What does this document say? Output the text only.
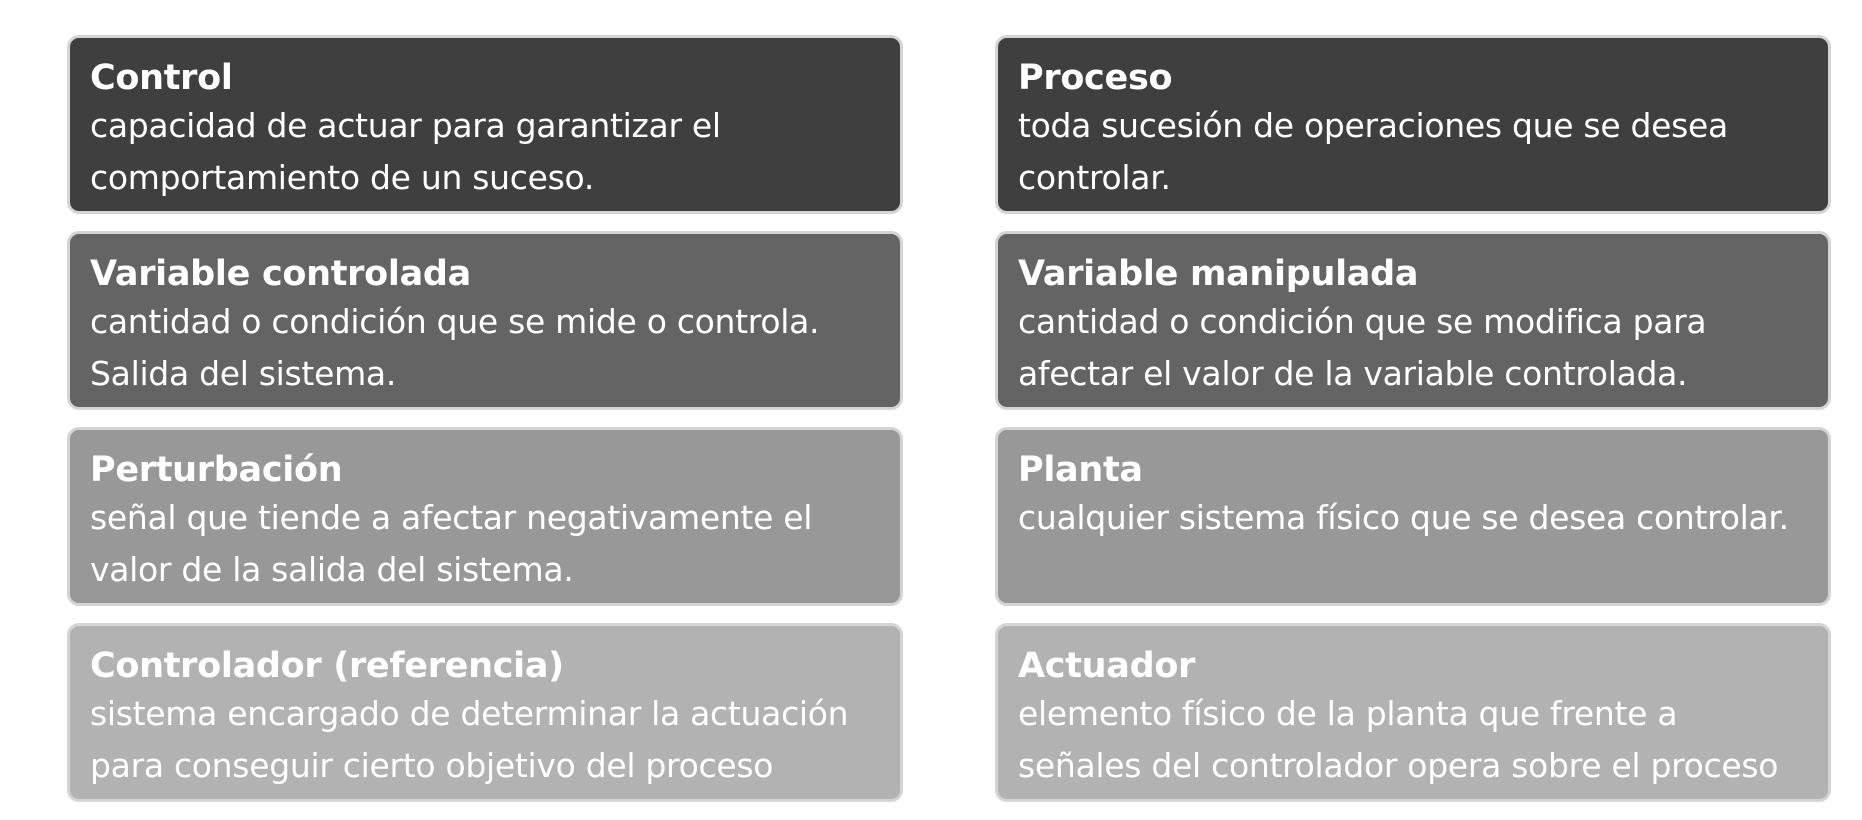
Control
capacidad de actuar para garantizar el
comportamiento de un suceso.
Proceso
toda sucesión de operaciones que se desea
controlar.
Variable controlada
cantidad o condición que se mide o controla.
Salida del sistema.
Variable manipulada
cantidad o condición que se modifica para
afectar el valor de la variable controlada.
Perturbación
señal que tiende a afectar negativamente el
valor de la salida del sistema.
Planta
cualquier sistema físico que se desea controlar.
Controlador (referencia)
sistema encargado de determinar la actuación
para conseguir cierto objetivo del proceso
Actuador
elemento físico de la planta que frente a
señales del controlador opera sobre el proceso
